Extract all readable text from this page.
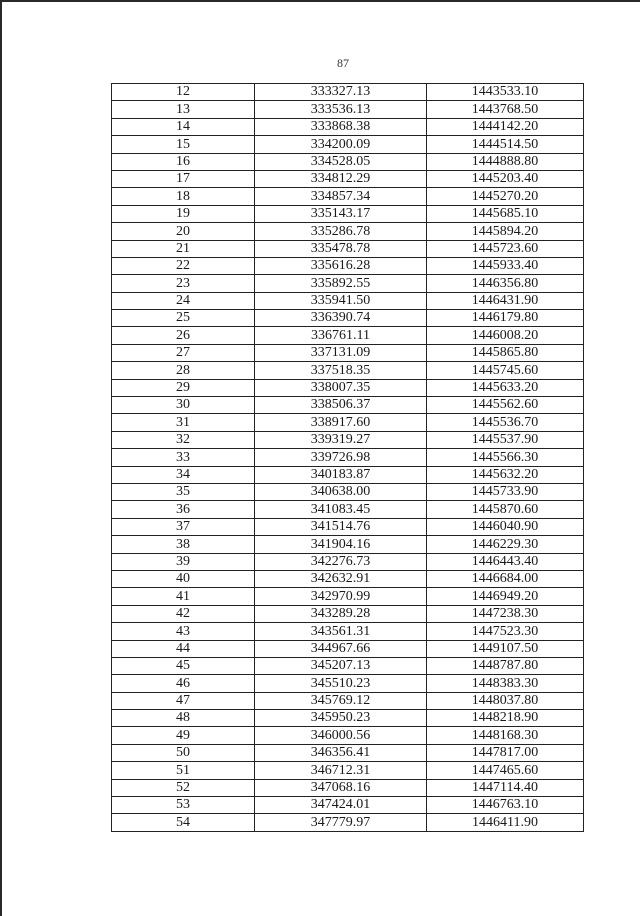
87
12	333327.13	1443533.10
13	333536.13	1443768.50
14	333868.38	1444142.20
15	334200.09	1444514.50
16	334528.05	1444888.80
17	334812.29	1445203.40
18	334857.34	1445270.20
19	335143.17	1445685.10
20	335286.78	1445894.20
21	335478.78	1445723.60
22	335616.28	1445933.40
23	335892.55	1446356.80
24	335941.50	1446431.90
25	336390.74	1446179.80
26	336761.11	1446008.20
27	337131.09	1445865.80
28	337518.35	1445745.60
29	338007.35	1445633.20
30	338506.37	1445562.60
31	338917.60	1445536.70
32	339319.27	1445537.90
33	339726.98	1445566.30
34	340183.87	1445632.20
35	340638.00	1445733.90
36	341083.45	1445870.60
37	341514.76	1446040.90
38	341904.16	1446229.30
39	342276.73	1446443.40
40	342632.91	1446684.00
41	342970.99	1446949.20
42	343289.28	1447238.30
43	343561.31	1447523.30
44	344967.66	1449107.50
45	345207.13	1448787.80
46	345510.23	1448383.30
47	345769.12	1448037.80
48	345950.23	1448218.90
49	346000.56	1448168.30
50	346356.41	1447817.00
51	346712.31	1447465.60
52	347068.16	1447114.40
53	347424.01	1446763.10
54	347779.97	1446411.90
